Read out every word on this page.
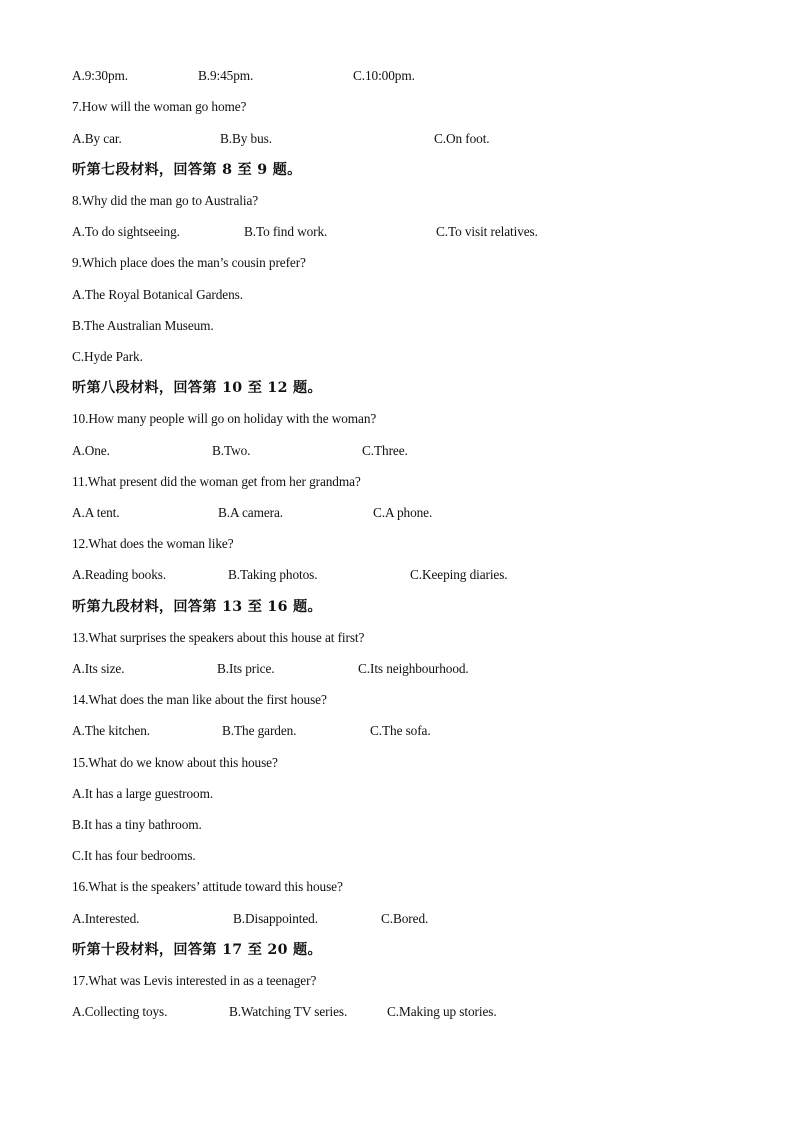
A.9:30pm.	B.9:45pm.	C.10:00pm.
7.How will the woman go home?
A.By car.	B.By bus.	C.On foot.
听第七段材料，回答第 8 至 9 题。
8.Why did the man go to Australia?
A.To do sightseeing.	B.To find work.	C.To visit relatives.
9.Which place does the man’s cousin prefer?
A.The Royal Botanical Gardens.
B.The Australian Museum.
C.Hyde Park.
听第八段材料，回答第 10 至 12 题。
10.How many people will go on holiday with the woman?
A.One.	B.Two.	C.Three.
11.What present did the woman get from her grandma?
A.A tent.	B.A camera.	C.A phone.
12.What does the woman like?
A.Reading books.	B.Taking photos.	C.Keeping diaries.
听第九段材料，回答第 13 至 16 题。
13.What surprises the speakers about this house at first?
A.Its size.	B.Its price.	C.Its neighbourhood.
14.What does the man like about the first house?
A.The kitchen.	B.The garden.	C.The sofa.
15.What do we know about this house?
A.It has a large guestroom.
B.It has a tiny bathroom.
C.It has four bedrooms.
16.What is the speakers’ attitude toward this house?
A.Interested.	B.Disappointed.	C.Bored.
听第十段材料，回答第 17 至 20 题。
17.What was Levis interested in as a teenager?
A.Collecting toys.	B.Watching TV series.	C.Making up stories.
